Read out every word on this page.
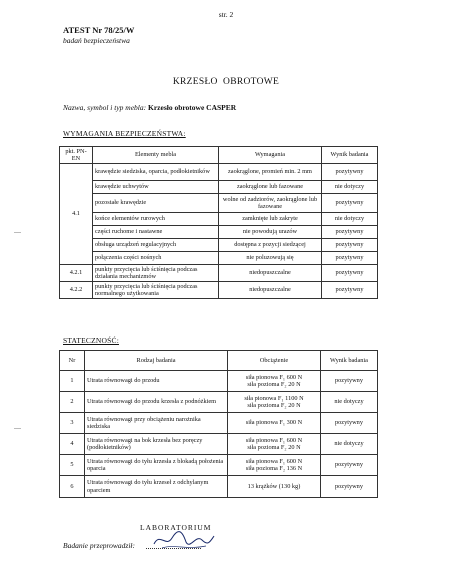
str. 2
ATEST Nr 78/25/W
badań bezpieczeństwa
KRZESŁO  OBROTOWE
Nazwa, symbol i typ mebla: Krzesło obrotowe CASPER
WYMAGANIA BEZPIECZEŃSTWA:
pkt. PN-EN	Elementy mebla	Wymagania	Wynik badania
4.1	krawędzie siedziska, oparcia, podłokietników	zaokrąglone, promień min. 2 mm	pozytywny
	krawędzie uchwytów	zaokrąglone lub fazowane	nie dotyczy
	pozostałe krawędzie	wolne od zadziorów, zaokrąglone lub fazowane	pozytywny
	końce elementów rurowych	zamknięte lub zakryte	nie dotyczy
	części ruchome i nastawne	nie powodują urazów	pozytywny
	obsługa urządzeń regulacyjnych	dostępna z pozycji siedzącej	pozytywny
	połączenia części nośnych	nie poluzowują się	pozytywny
4.2.1	punkty przycięcia lub ściśnięcia podczas działania mechanizmów	niedopuszczalne	pozytywny
4.2.2	punkty przycięcia lub ściśnięcia podczas normalnego użytkowania	niedopuszczalne	pozytywny
STATECZNOŚĆ:
Nr	Rodzaj badania	Obciążenie	Wynik badania
1	Utrata równowagi do przodu	siła pionowa F₁ 600 N
siła pozioma F₂ 20 N	pozytywny
2	Utrata równowagi do przodu krzesła z podnóżkiem	siła pionowa F₁ 1100 N
siła pozioma F₂ 20 N	nie dotyczy
3	Utrata równowagi przy obciążeniu narożnika siedziska	siła pionowa F₁ 300 N	pozytywny
4	Utrata równowagi na bok krzesła bez poręczy (podłokietników)	siła pionowa F₁ 600 N
siła pozioma F₂ 20 N	nie dotyczy
5	Utrata równowagi do tyłu krzesła z blokadą położenia oparcia	siła pionowa F₁ 600 N
siła pozioma F₂ 136 N	pozytywny
6	Utrata równowagi do tyłu krzeseł z odchylanym oparciem	13 krążków (130 kg)	pozytywny
LABORATORIUM
Badanie przeprowadził:
